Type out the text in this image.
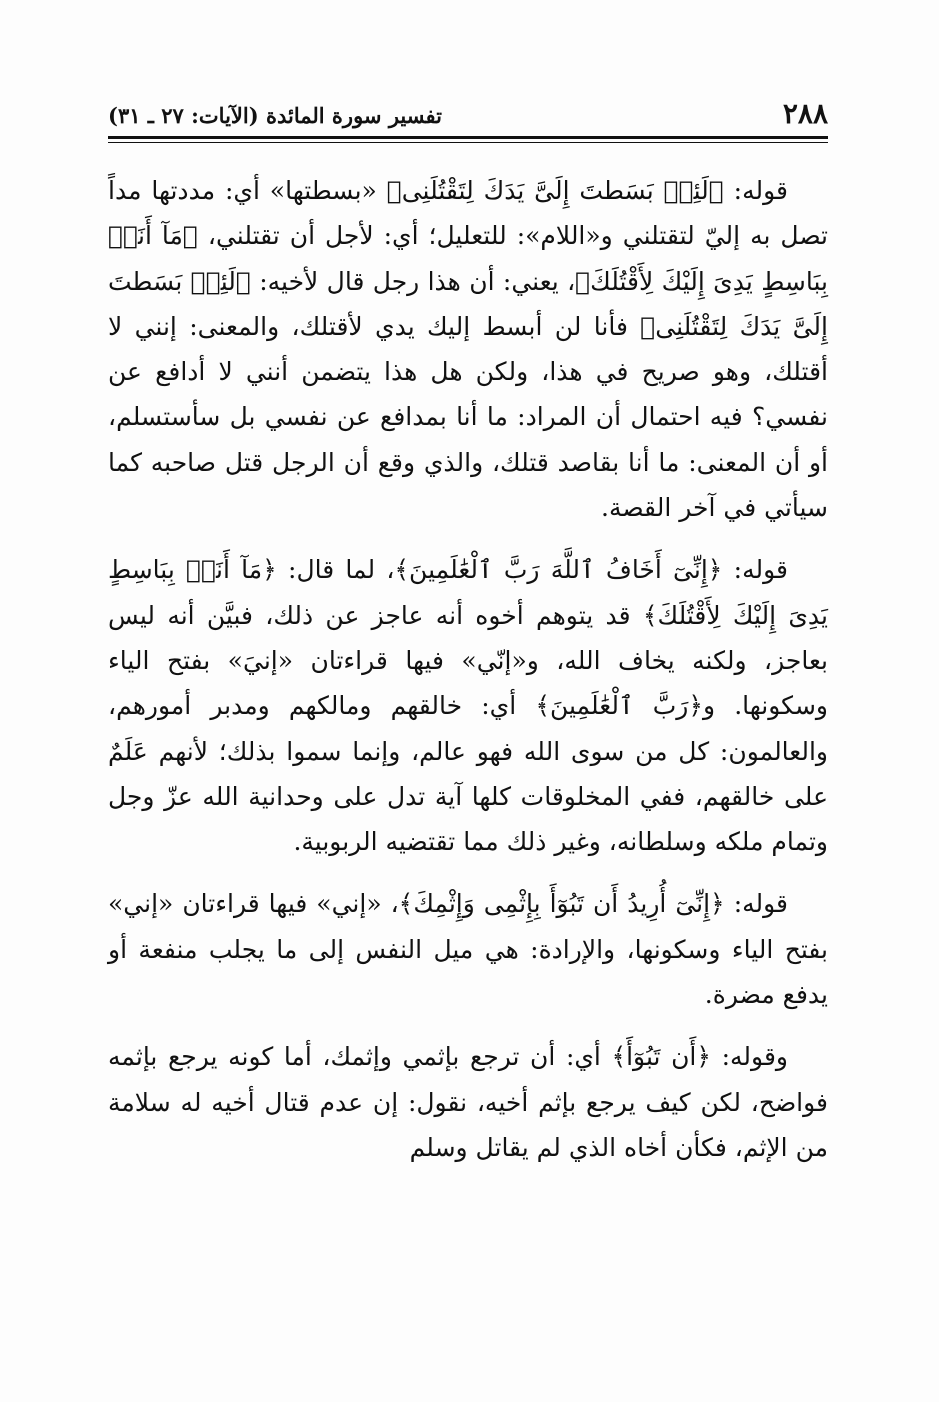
٢٨٨
تفسير سورة المائدة (الآيات: ٢٧ ـ ٣١)

قوله: ﴿لَئِنۢ بَسَطتَ إِلَىَّ يَدَكَ لِتَقْتُلَنِى﴾ «بسطتها» أي: مددتها مداً تصل به إليّ لتقتلني و«اللام»: للتعليل؛ أي: لأجل أن تقتلني، ﴿مَآ أَنَا۠ بِبَاسِطٍ يَدِىَ إِلَيْكَ لِأَقْتُلَكَ﴾، يعني: أن هذا رجل قال لأخيه: ﴿لَئِنۢ بَسَطتَ إِلَىَّ يَدَكَ لِتَقْتُلَنِى﴾ فأنا لن أبسط إليك يدي لأقتلك، والمعنى: إنني لا أقتلك، وهو صريح في هذا، ولكن هل هذا يتضمن أنني لا أدافع عن نفسي؟ فيه احتمال أن المراد: ما أنا بمدافع عن نفسي بل سأستسلم، أو أن المعنى: ما أنا بقاصد قتلك، والذي وقع أن الرجل قتل صاحبه كما سيأتي في آخر القصة.

قوله: ﴿إِنِّىٓ أَخَافُ ٱللَّهَ رَبَّ ٱلْعَٰلَمِينَ﴾، لما قال: ﴿مَآ أَنَا۠ بِبَاسِطٍ يَدِىَ إِلَيْكَ لِأَقْتُلَكَ﴾ قد يتوهم أخوه أنه عاجز عن ذلك، فبيَّن أنه ليس بعاجز، ولكنه يخاف الله، و«إنّي» فيها قراءتان «إنيَ» بفتح الياء وسكونها. و﴿رَبَّ ٱلْعَٰلَمِينَ﴾ أي: خالقهم ومالكهم ومدبر أمورهم، والعالمون: كل من سوى الله فهو عالم، وإنما سموا بذلك؛ لأنهم عَلَمٌ على خالقهم، ففي المخلوقات كلها آية تدل على وحدانية الله عزّ وجل وتمام ملكه وسلطانه، وغير ذلك مما تقتضيه الربوبية.

قوله: ﴿إِنِّىٓ أُرِيدُ أَن تَبُوٓأَ بِإِثْمِى وَإِثْمِكَ﴾، «إني» فيها قراءتان «إني» بفتح الياء وسكونها، والإرادة: هي ميل النفس إلى ما يجلب منفعة أو يدفع مضرة.

وقوله: ﴿أَن تَبُوٓأَ﴾ أي: أن ترجع بإثمي وإثمك، أما كونه يرجع بإثمه فواضح، لكن كيف يرجع بإثم أخيه، نقول: إن عدم قتال أخيه له سلامة من الإثم، فكأن أخاه الذي لم يقاتل وسلم
